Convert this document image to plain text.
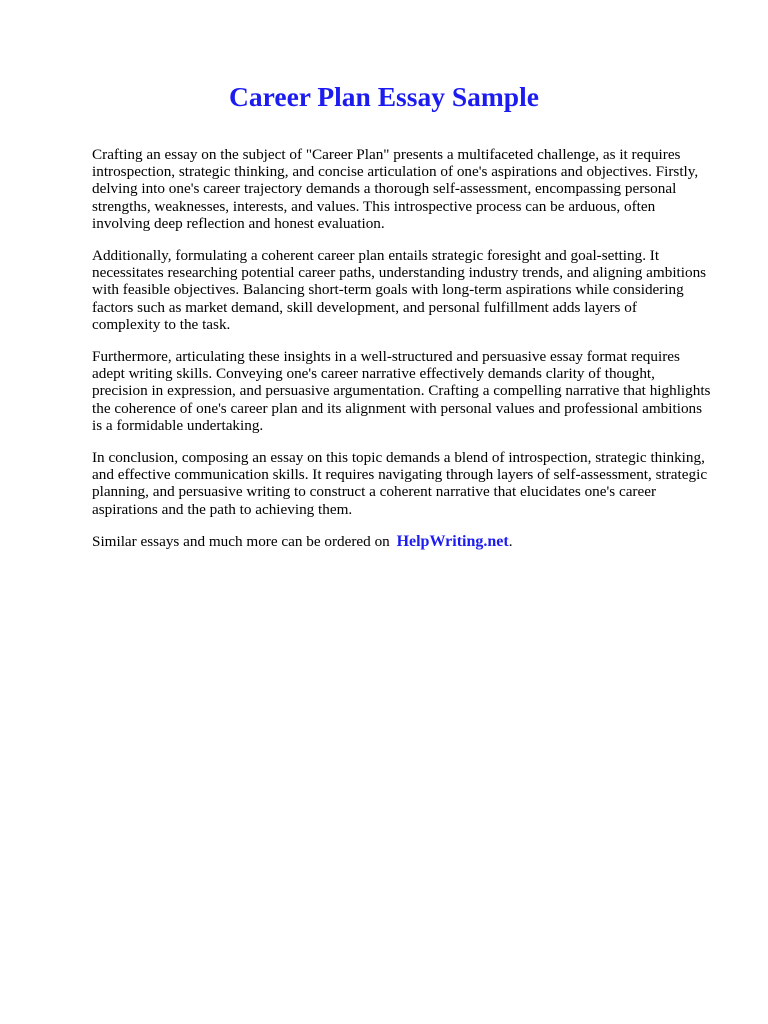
Career Plan Essay Sample

Crafting an essay on the subject of "Career Plan" presents a multifaceted challenge, as it requires
introspection, strategic thinking, and concise articulation of one's aspirations and objectives. Firstly,
delving into one's career trajectory demands a thorough self-assessment, encompassing personal
strengths, weaknesses, interests, and values. This introspective process can be arduous, often
involving deep reflection and honest evaluation.

Additionally, formulating a coherent career plan entails strategic foresight and goal-setting. It
necessitates researching potential career paths, understanding industry trends, and aligning ambitions
with feasible objectives. Balancing short-term goals with long-term aspirations while considering
factors such as market demand, skill development, and personal fulfillment adds layers of
complexity to the task.

Furthermore, articulating these insights in a well-structured and persuasive essay format requires
adept writing skills. Conveying one's career narrative effectively demands clarity of thought,
precision in expression, and persuasive argumentation. Crafting a compelling narrative that highlights
the coherence of one's career plan and its alignment with personal values and professional ambitions
is a formidable undertaking.

In conclusion, composing an essay on this topic demands a blend of introspection, strategic thinking,
and effective communication skills. It requires navigating through layers of self-assessment, strategic
planning, and persuasive writing to construct a coherent narrative that elucidates one's career
aspirations and the path to achieving them.

Similar essays and much more can be ordered on HelpWriting.net.
